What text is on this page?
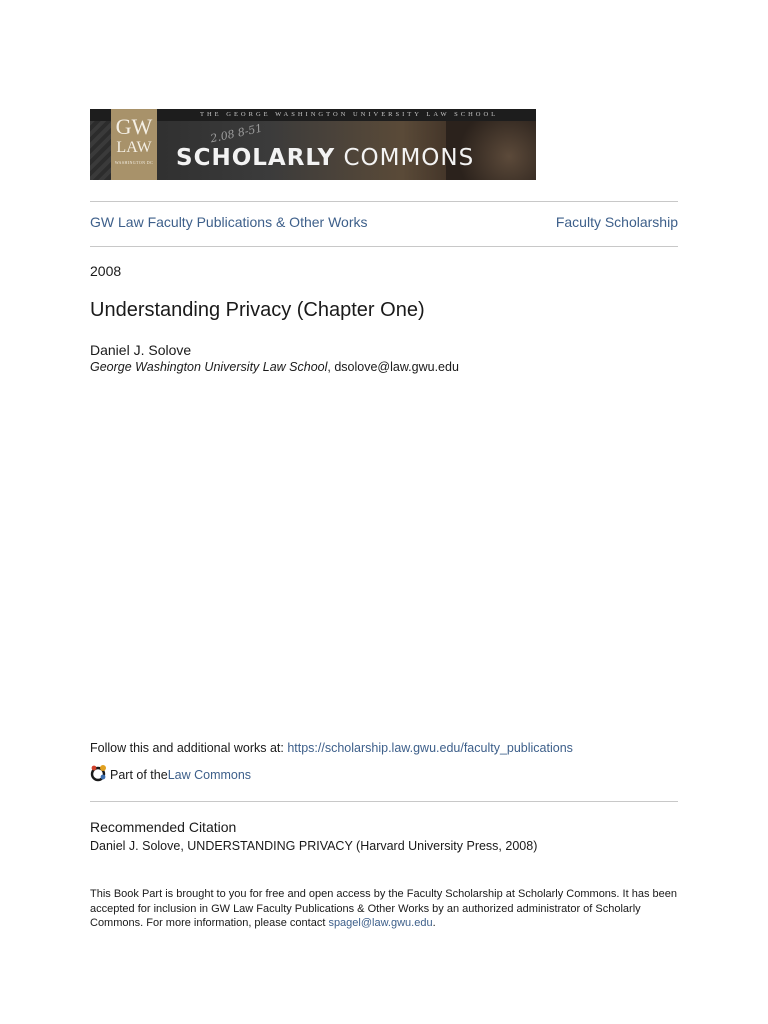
THE GEORGE WASHINGTON UNIVERSITY LAW SCHOOL
GW
LAW
WASHINGTON DC
2.08 8-51
SCHOLARLY COMMONS
GW Law Faculty Publications & Other Works	Faculty Scholarship
2008
Understanding Privacy (Chapter One)
Daniel J. Solove
George Washington University Law School, dsolove@law.gwu.edu
Follow this and additional works at: https://scholarship.law.gwu.edu/faculty_publications
Part of the Law Commons
Recommended Citation
Daniel J. Solove, UNDERSTANDING PRIVACY (Harvard University Press, 2008)
This Book Part is brought to you for free and open access by the Faculty Scholarship at Scholarly Commons. It has been accepted for inclusion in GW Law Faculty Publications & Other Works by an authorized administrator of Scholarly Commons. For more information, please contact spagel@law.gwu.edu.
